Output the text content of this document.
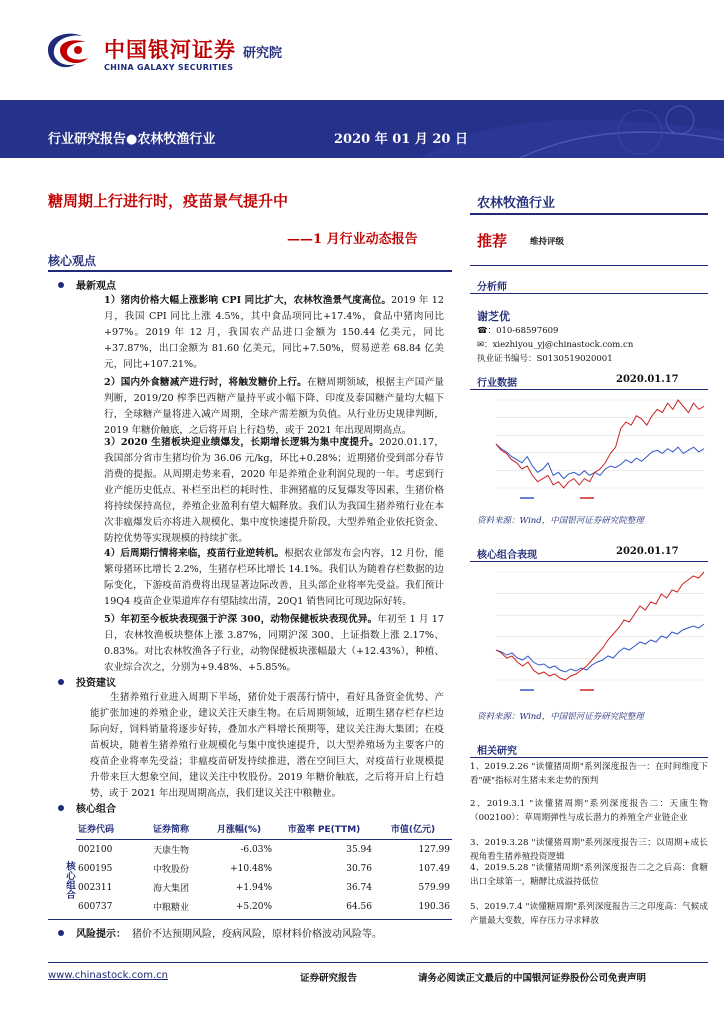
中国银河证券 研究院
CHINA GALAXY SECURITIES
行业研究报告●农林牧渔行业	2020 年 01 月 20 日
糖周期上行进行时，疫苗景气提升中
——1 月行业动态报告
核心观点
最新观点
1）猪肉价格大幅上涨影响 CPI 同比扩大，农林牧渔景气度高位。2019 年 12 月，我国 CPI 同比上涨 4.5%，其中食品项同比+17.4%，食品中猪肉同比+97%。2019 年 12 月，我国农产品进口金额为 150.44 亿美元，同比+37.87%，出口金额为 81.60 亿美元，同比+7.50%，贸易逆差 68.84 亿美元，同比+107.21%。
2）国内外食糖减产进行时，将触发糖价上行。在糖周期领域，根据主产国产量判断，2019/20 榨季巴西糖产量持平或小幅下降、印度及泰国糖产量均大幅下行，全球糖产量将进入减产周期，全球产需差额为负值。从行业历史规律判断，2019 年糖价触底，之后将开启上行趋势，或于 2021 年出现周期高点。
3）2020 生猪板块迎业绩爆发，长期增长逻辑为集中度提升。2020.01.17，我国部分省市生猪均价为 36.06 元/kg，环比+0.28%；近期猪价受到部分春节消费的提振。从周期走势来看，2020 年是养殖企业利润兑现的一年。考虑到行业产能历史低点、补栏至出栏的耗时性、非洲猪瘟的反复爆发等因素，生猪价格将持续保持高位，养殖企业盈利有望大幅释放。我们认为我国生猪养殖行业在本次非瘟爆发后亦将进入规模化、集中度快速提升阶段，大型养殖企业依托资金、防控优势等实现规模的持续扩张。
4）后周期行情将来临，疫苗行业逆转机。根据农业部发布会内容，12 月份，能繁母猪环比增长 2.2%，生猪存栏环比增长 14.1%。我们认为随着存栏数据的边际变化，下游疫苗消费将出现显著边际改善，且头部企业将率先受益。我们预计 19Q4 疫苗企业渠道库存有望陆续出清，20Q1 销售同比可现边际好转。
5）年初至今板块表现强于沪深 300，动物保健板块表现优异。年初至 1 月 17 日，农林牧渔板块整体上涨 3.87%，同期沪深 300、上证指数上涨 2.17%、0.83%。对比农林牧渔各子行业，动物保健板块涨幅最大（+12.43%），种植、农业综合次之，分别为+9.48%、+5.85%。
投资建议
生猪养殖行业进入周期下半场，猪价处于震荡行情中，看好具备资金优势、产能扩张加速的养殖企业，建议关注天康生物。在后周期领域，近期生猪存栏存栏边际向好，饲料销量将逐步好转，叠加水产料增长预期等，建议关注海大集团；在疫苗板块，随着生猪养殖行业规模化与集中度快速提升，以大型养殖场为主要客户的疫苗企业将率先受益；非瘟疫苗研发持续推进，潜在空间巨大，对疫苗行业规模提升带来巨大想象空间，建议关注中牧股份。2019 年糖价触底，之后将开启上行趋势，或于 2021 年出现周期高点，我们建议关注中粮糖业。
核心组合
核心组合
证券代码	证券简称	月涨幅(%)	市盈率 PE(TTM)	市值(亿元)
002100	天康生物	-6.03%	35.94	127.99
600195	中牧股份	+10.48%	30.76	107.49
002311	海大集团	+1.94%	36.74	579.99
600737	中粮糖业	+5.20%	64.56	190.36
风险提示： 猪价不达预期风险，疫病风险，原材料价格波动风险等。
农林牧渔行业
推荐	维持评级
分析师
谢芝优
☎：010-68597609
✉：xiezhiyou_yj@chinastock.com.cn
执业证书编号：S0130519020001
行业数据	2020.01.17
资料来源：Wind，中国银河证券研究院整理
核心组合表现	2020.01.17
资料来源：Wind，中国银河证券研究院整理
相关研究
1、2019.2.26 "读懂猪周期"系列深度报告一：在时间维度下看"硬"指标对生猪未来走势的预判
2、2019.3.1 "读懂猪周期"系列深度报告二：天康生物（002100）：草周期弹性与成长潜力的养殖全产业链企业
3、2019.3.28 "读懂猪周期"系列深度报告三：以周期+成长视角看生猪养殖投资逻辑
4、2019.5.28 "读懂猪周期"系列深度报告二之之后高：食糖出口全球第一，糖酵比成溢持低位
5、2019.7.4 "读懂糖周期"系列深度报告三之印度高：气候成产量最大变数，库存压力寻求释放
www.chinastock.com.cn	证券研究报告	请务必阅读正文最后的中国银河证券股份公司免责声明
